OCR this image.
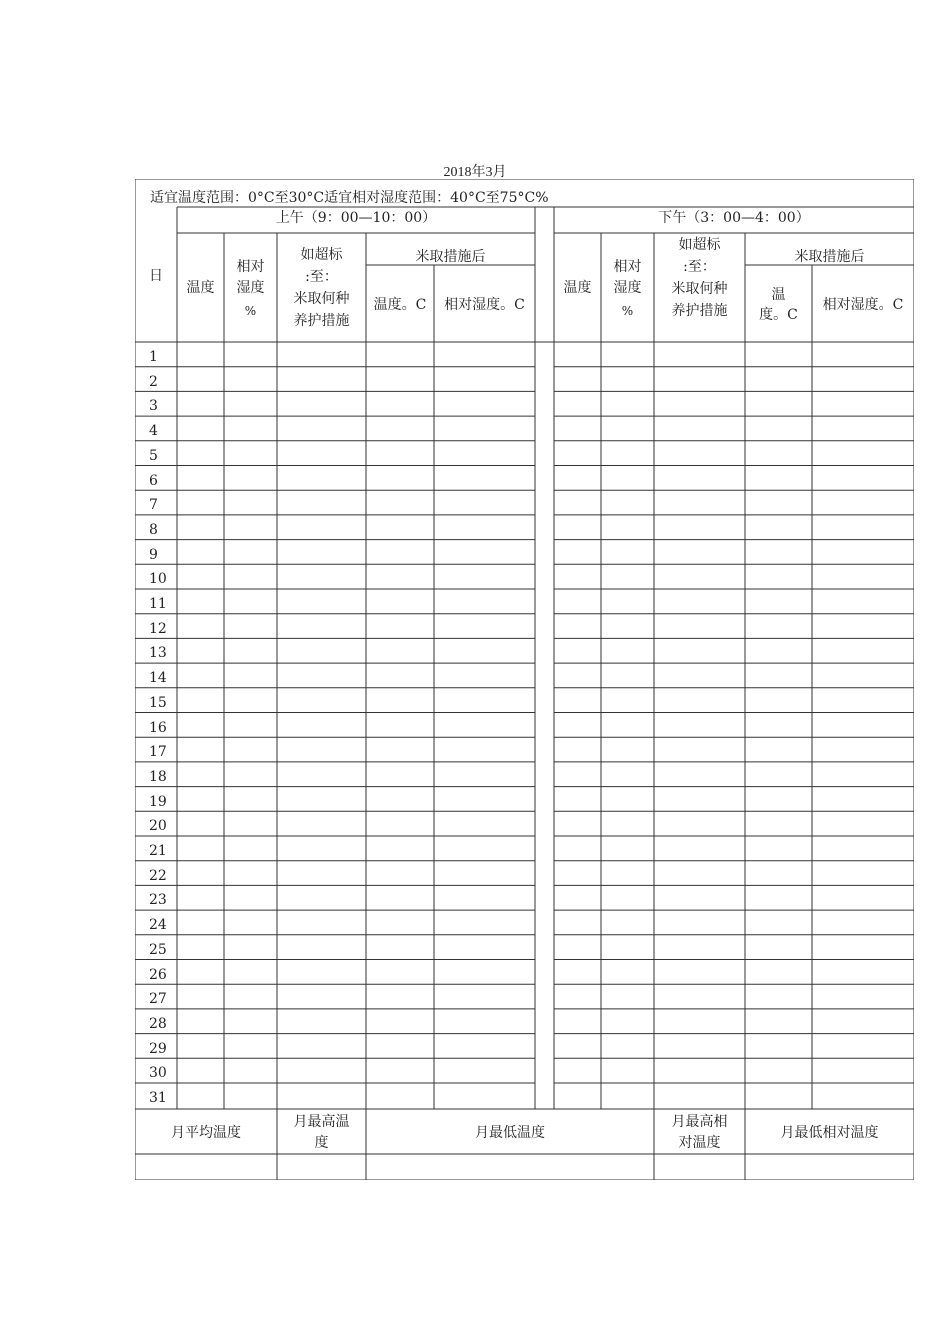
2018年3月
适宜温度范围：0°C至30°C适宜相对湿度范围：40°C至75°C%
日
上午（9：00—10：00）
温度
相对
湿度
%
如超标
:至：
米取何种
养护措施
米取措施后
温度。C	相对湿度。C
下午（3：00—4：00）
温度
相对
湿度
%
如超标
:至：
米取何种
养护措施
米取措施后
温
度。C
相对湿度。C
1
2
3
4
5
6
7
8
9
10
11
12
13
14
15
16
17
18
19
20
21
22
23
24
25
26
27
28
29
30
31
月平均温度
月最高温
度
月最低温度
月最高相
对温度
月最低相对温度
